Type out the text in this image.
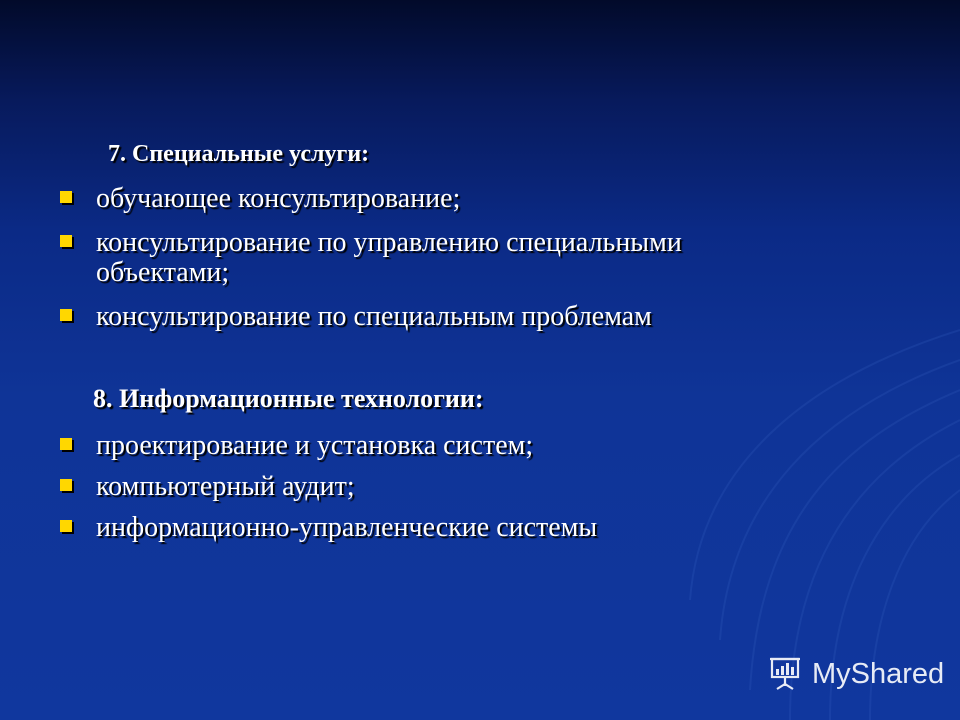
7. Специальные услуги:
обучающее консультирование;
консультирование по управлению специальными объектами;
консультирование по специальным проблемам
8. Информационные технологии:
проектирование и установка систем;
компьютерный аудит;
информационно-управленческие системы
MyShared
